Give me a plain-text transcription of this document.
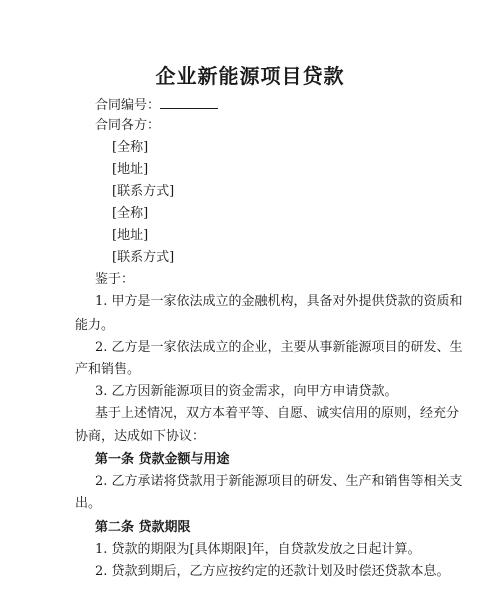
企业新能源项目贷款
合同编号：
合同各方：
[全称]
[地址]
[联系方式]
[全称]
[地址]
[联系方式]
鉴于：
1. 甲方是一家依法成立的金融机构，具备对外提供贷款的资质和
能力。
2. 乙方是一家依法成立的企业，主要从事新能源项目的研发、生
产和销售。
3. 乙方因新能源项目的资金需求，向甲方申请贷款。
基于上述情况，双方本着平等、自愿、诚实信用的原则，经充分
协商，达成如下协议：
第一条 贷款金额与用途
2. 乙方承诺将贷款用于新能源项目的研发、生产和销售等相关支
出。
第二条 贷款期限
1. 贷款的期限为[具体期限]年，自贷款发放之日起计算。
2. 贷款到期后，乙方应按约定的还款计划及时偿还贷款本息。
